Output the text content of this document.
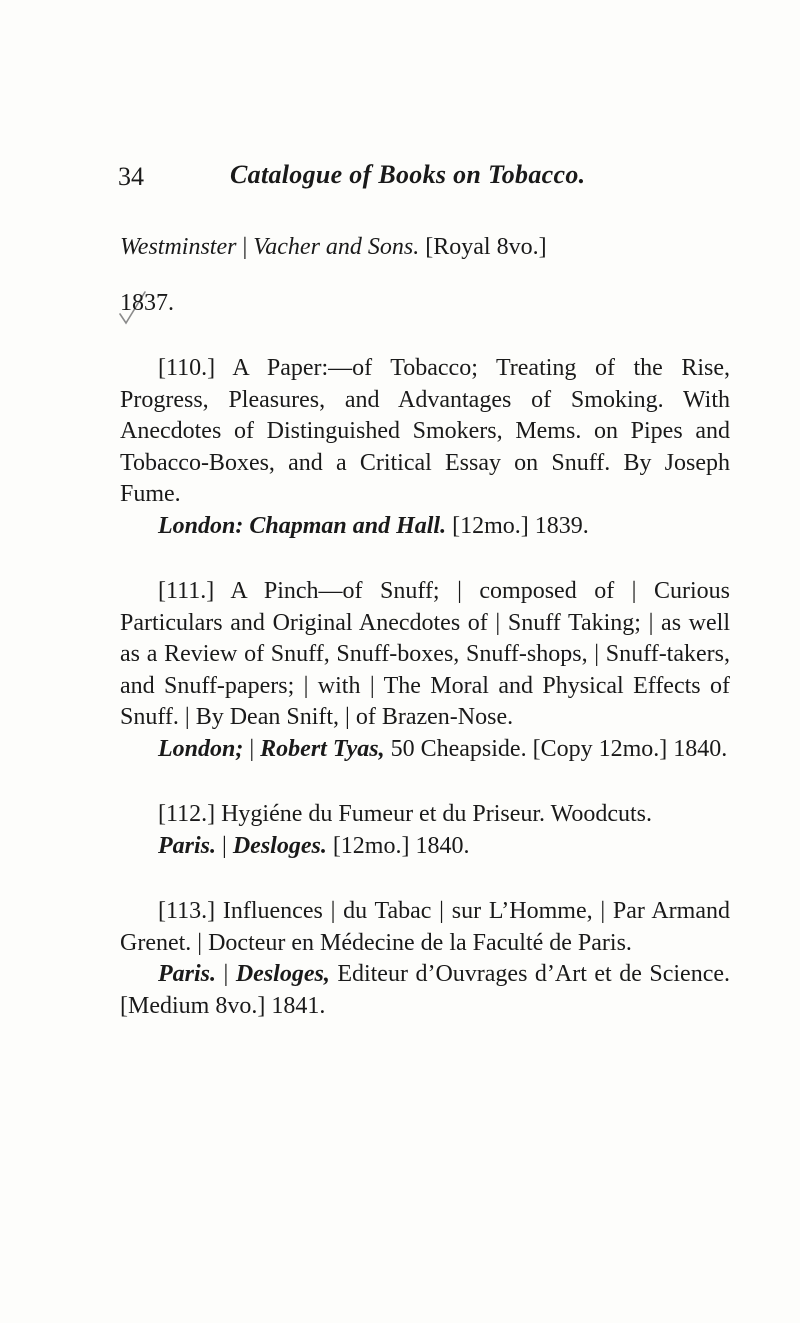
34	Catalogue of Books on Tobacco.

Westminster | Vacher and Sons. [Royal 8vo.]

1837.

[110.] A Paper:—of Tobacco; Treating of the Rise, Progress, Pleasures, and Advantages of Smoking. With Anecdotes of Distinguished Smokers, Mems. on Pipes and Tobacco-Boxes, and a Critical Essay on Snuff. By Joseph Fume.

London: Chapman and Hall. [12mo.] 1839.

[111.] A Pinch—of Snuff; | composed of | Curious Particulars and Original Anecdotes of | Snuff Taking; | as well as a Review of Snuff, Snuff-boxes, Snuff-shops, | Snuff-takers, and Snuff-papers; | with | The Moral and Physical Effects of Snuff. | By Dean Snift, | of Brazen-Nose.

London; | Robert Tyas, 50 Cheapside. [Copy 12mo.] 1840.

[112.] Hygiéne du Fumeur et du Priseur. Woodcuts.

Paris. | Desloges. [12mo.] 1840.

[113.] Influences | du Tabac | sur L’Homme, | Par Armand Grenet. | Docteur en Médecine de la Faculté de Paris.

Paris. | Desloges, Editeur d’Ouvrages d’Art et de Science. [Medium 8vo.] 1841.
